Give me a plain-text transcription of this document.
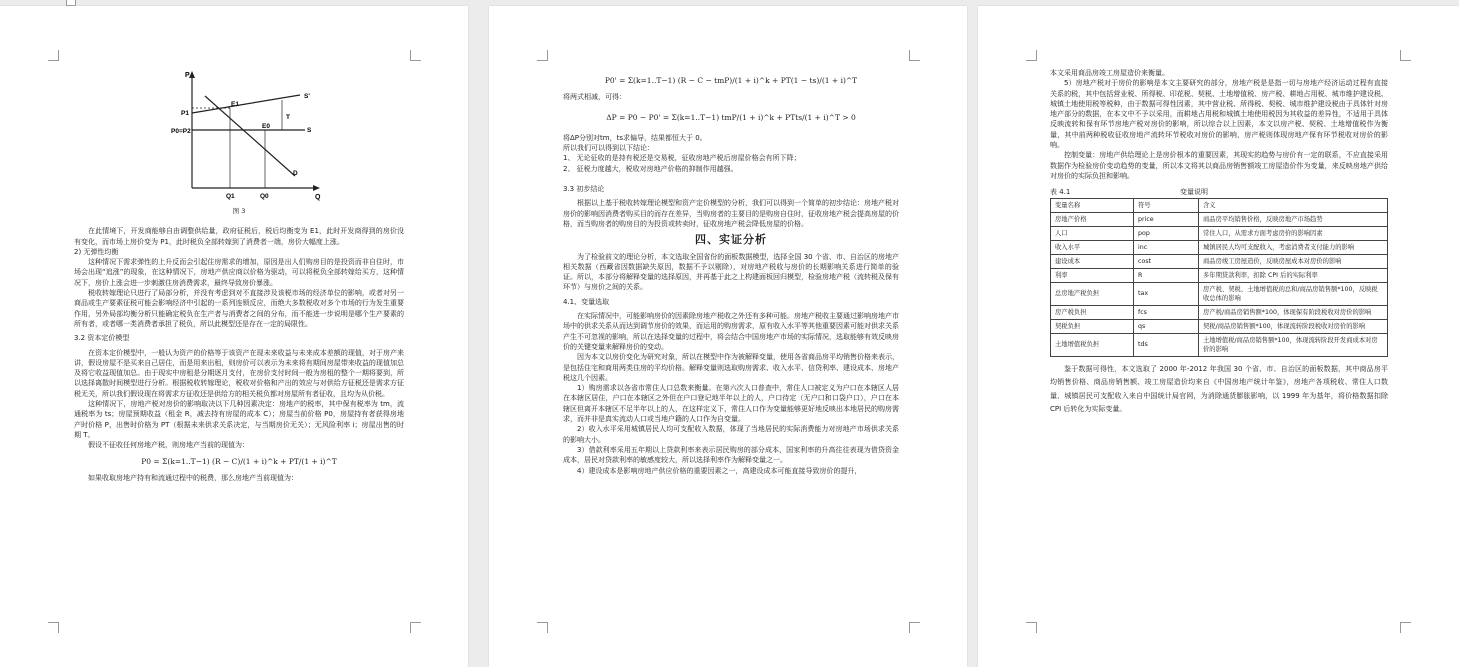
P
Q
P1
P0=P2
E1
E0
T
S
S'
D
Q1	Q0
图 3

在此情境下，开发商能够自由调整供给量，政府征税后，税后均衡变为 E1，此时开发商得到的房价没有变化，而市场上房价变为 P1，此时税负全部转嫁到了消费者一端，房价大幅度上涨。

2) 无弹性均衡

这种情况下需求弹性的上升反而会引起住房需求的增加，原因是出人们购房目的是投资而非自住时，市场会出现“追涨”的现象，在这种情况下，房地产供应商以价格为驱动，可以将税负全部转嫁给买方，这种情况下，房价上涨会进一步刺激住房消费需求，最终导致房价暴涨。

税收转嫁理论只进行了局部分析，并没有考虑到对不直接涉及该税市场的经济单位的影响，或者对另一商品或生产要素征税可能会影响经济中引起的一系列连锁反应，而绝大多数税收对多个市场的行为发生重要作用，另外局部均衡分析只能确定税负在生产者与消费者之间的分布，而不能进一步说明是哪个生产要素的所有者，或者哪一类消费者承担了税负，所以此模型还是存在一定的局限性。

3.2 资本定价模型

在资本定价模型中，一般认为资产的价格等于该资产在现未来收益与未来成本差额的现值，对于房产来讲，假设房屋不是买来自己居住，而是用来出租，则房价可以表示为未来将有期间房屋带来收益的现值加总及将它收益现值加总。由于现实中房租是分期逐月支付，在房价支付时间一般为房租的整个一期将要到，所以选择离散时间模型进行分析。根据税收转嫁理论，税收对价格和产出的效应与对供给方征税还是需求方征税无关，所以我们假设现在将需求方征收还是供给方的相关税负都对房屋所有者征收，且均为从价税。

这种情况下，房地产税对房价的影响取决以下几种因素决定：房地产的税率，其中保有税率为 tm，流通税率为 ts；房屋预期收益（租金 R，减去持有房屋的成本 C）；房屋当前价格 P0，房屋持有者获得房地产时价格 P，出售时价格为 PT（根据未来供求关系决定，与当期房价无关）；无风险利率 i；房屋出售的时期 T。

假设不征收任何房地产税，则房地产当前的现值为：

P0 = Σ(k=1..T−1) (R − C)/(1 + i)^k + PT/(1 + i)^T

如果收取房地产持有和流通过程中的税费，那么房地产当前现值为：

P0' = Σ(k=1..T−1) (R − C − tmP)/(1 + i)^k + PT(1 − ts)/(1 + i)^T

将两式相减，可得：

ΔP = P0 − P0' = Σ(k=1..T−1) tmP/(1 + i)^k + PTts/(1 + i)^T > 0

将ΔP分别对tm，ts求偏导，结果都恒大于 0。

所以我们可以得到以下结论：

1、 无论征收的是持有税还是交易税，征收房地产税后房屋价格会有所下降；

2、 征税力度越大，税收对房地产价格的抑制作用越强。

3.3 初步结论

根据以上基于税收转嫁理论模型和资产定价模型的分析，我们可以得到一个简单的初步结论：房地产税对房价的影响因消费者购买目的而存在差异，当购房者的主要目的是购房自住时，征收房地产税会提高房屋的价格，而当购房者的购房目的为投资或转卖时，征收房地产税会降低房屋的价格。

四、实证分析

为了检验前文的理论分析，本文选取全国省份的面板数据模型，选择全国 30 个省、市、自治区的房地产相关数据（西藏省因数据缺失原因，数据不予以剔除），对房地产税收与房价的长期影响关系进行简单的验证。所以，本部分将解释变量的选择原因，并再基于此之上构建面板回归模型，检验房地产税（流转税及保有环节）与房价之间的关系。

4.1、变量选取

在实际情况中，可能影响房价的因素除房地产税收之外还有多种可能。房地产税收主要通过影响房地产市场中的供求关系从而达到调节房价的效果，而运用的购房需求，原有收入水平等其他重要因素可能对供求关系产生不可忽视的影响，所以在选择变量的过程中，将会结合中国房地产市场的实际情况，选取能够有效反映房价的关键变量来解释房价的变动。

因为本文以房价变化为研究对象，所以在模型中作为被解释变量，使用各省商品房平均销售价格来表示，是包括住宅和商用两类住房的平均价格。解释变量则选取购房需求、收入水平、信贷利率、建设成本、房地产税这几个因素。

1）购房需求以各省市常住人口总数来衡量。在第六次人口普查中，常住人口被定义为户口在本辖区人居在本辖区居住，户口在本辖区之外但在户口登记地半年以上的人，户口待定（无户口和口袋户口），户口在本辖区但离开本辖区不足半年以上的人，在这样定义下，常住人口作为变量能够更好地反映出本地居民的购房需求，而并非是真实流动人口或当地户籍的人口作为自变量。

2）收入水平采用城镇居民人均可支配收入数据，体现了当地居民的实际消费能力对房地产市场供求关系的影响大小。

3）借款利率采用五年期以上贷款利率来表示居民购房的部分成本，国家利率的升高往往表现为借贷资金成本，居民对贷款利率的敏感度较大，所以选择利率作为解释变量之一。

4）建设成本是影响房地产供应价格的重要因素之一，高建设成本可能直接导致房价的提升，

本文采用商品房竣工房屋造价来衡量。

5）房地产税对于房价的影响是本文主要研究的部分，房地产税是是指一切与房地产经济运动过程有直接关系的税，其中包括营业税、所得税、印花税、契税、土地增值税、房产税、耕地占用税、城市维护建设税、城镇土地使用税等税种，由于数据可得性因素，其中营业税、所得税、契税、城市维护建设税由于具体针对房地产部分的数据，在本文中不予以采用，而耕地占用税和城镇土地使用税因为其收益的差异性，不适用于具体反映流转和保有环节房地产税对房价的影响，所以综合以上因素，本文以房产税、契税、土地增值税作为衡量，其中前两种税收征收房地产流转环节税收对房价的影响，房产税则体现房地产保有环节税收对房价的影响。

控制变量：房地产供给理论上是房价根本的重要因素，其现实的趋势与房价有一定的联系，不应直接采用数据作为检验房价变动趋势的变量，所以本文将其以商品房销售额竣工房屋造价作为变量，来反映房地产供给对房价的实际负担和影响。

表 4.1	变量说明
变量名称	符号	含义
房地产价格	price	商品房平均销售价格，反映房地产市场趋势
人口	pop	常住人口，从需求方面考虑房价的影响因素
收入水平	inc	城镇居民人均可支配收入，考虑消费者支付能力的影响
建设成本	cost	商品房竣工房屋造价，反映房屋成本对房价的影响
利率	R	多年期贷款利率，扣除 CPI 后的实际利率
总房地产税负担	tax	房产税、契税、土地增值税的总和/商品房销售额*100，反映税收总体的影响
房产税负担	fcs	房产税/商品房销售额*100，体现保有阶段税收对房价的影响
契税负担	qs	契税/商品房销售额*100，体现流转阶段税收对房价的影响
土地增值税负担	tds	土地增值税/商品房销售额*100，体现流转阶段开发商成本对房价的影响

鉴于数据可得性，本文选取了 2000 年-2012 年我国 30 个省、市、自治区的面板数据，其中商品房平均销售价格、商品房销售额、竣工房屋造价均来自《中国房地产统计年鉴》，房地产各项税收、常住人口数量、城镇居民可支配收入来自中国统计局官网，为消除通货膨胀影响，以 1999 年为基年，将价格数据扣除 CPI 后转化为实际变量。
